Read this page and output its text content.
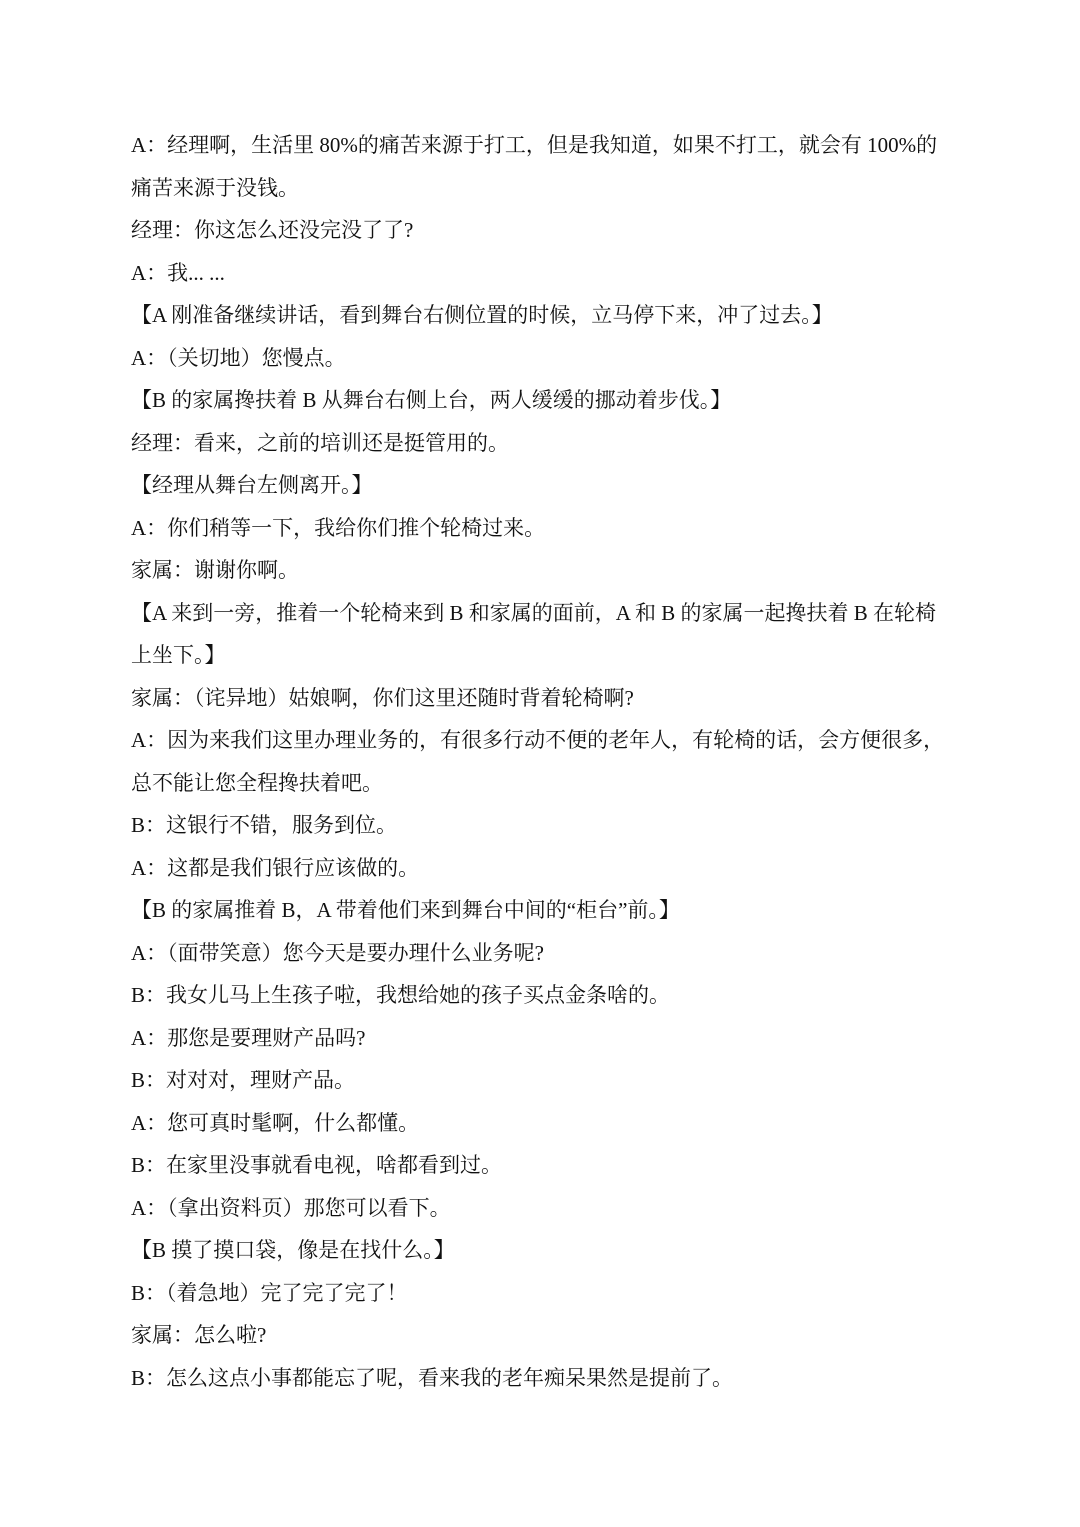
A：经理啊，生活里 80%的痛苦来源于打工，但是我知道，如果不打工，就会有 100%的痛苦来源于没钱。

经理：你这怎么还没完没了了?

A：我... ...

【A 刚准备继续讲话，看到舞台右侧位置的时候，立马停下来，冲了过去。】

A：（关切地）您慢点。

【B 的家属搀扶着 B 从舞台右侧上台，两人缓缓的挪动着步伐。】

经理：看来，之前的培训还是挺管用的。

【经理从舞台左侧离开。】

A：你们稍等一下，我给你们推个轮椅过来。

家属：谢谢你啊。

【A 来到一旁，推着一个轮椅来到 B 和家属的面前，A 和 B 的家属一起搀扶着 B 在轮椅上坐下。】

家属：（诧异地）姑娘啊，你们这里还随时背着轮椅啊?

A：因为来我们这里办理业务的，有很多行动不便的老年人，有轮椅的话，会方便很多，总不能让您全程搀扶着吧。

B：这银行不错，服务到位。

A：这都是我们银行应该做的。

【B 的家属推着 B，A 带着他们来到舞台中间的“柜台”前。】

A：（面带笑意）您今天是要办理什么业务呢?

B：我女儿马上生孩子啦，我想给她的孩子买点金条啥的。

A：那您是要理财产品吗?

B：对对对，理财产品。

A：您可真时髦啊，什么都懂。

B：在家里没事就看电视，啥都看到过。

A：（拿出资料页）那您可以看下。

【B 摸了摸口袋，像是在找什么。】

B：（着急地）完了完了完了！

家属：怎么啦?

B：怎么这点小事都能忘了呢，看来我的老年痴呆果然是提前了。
